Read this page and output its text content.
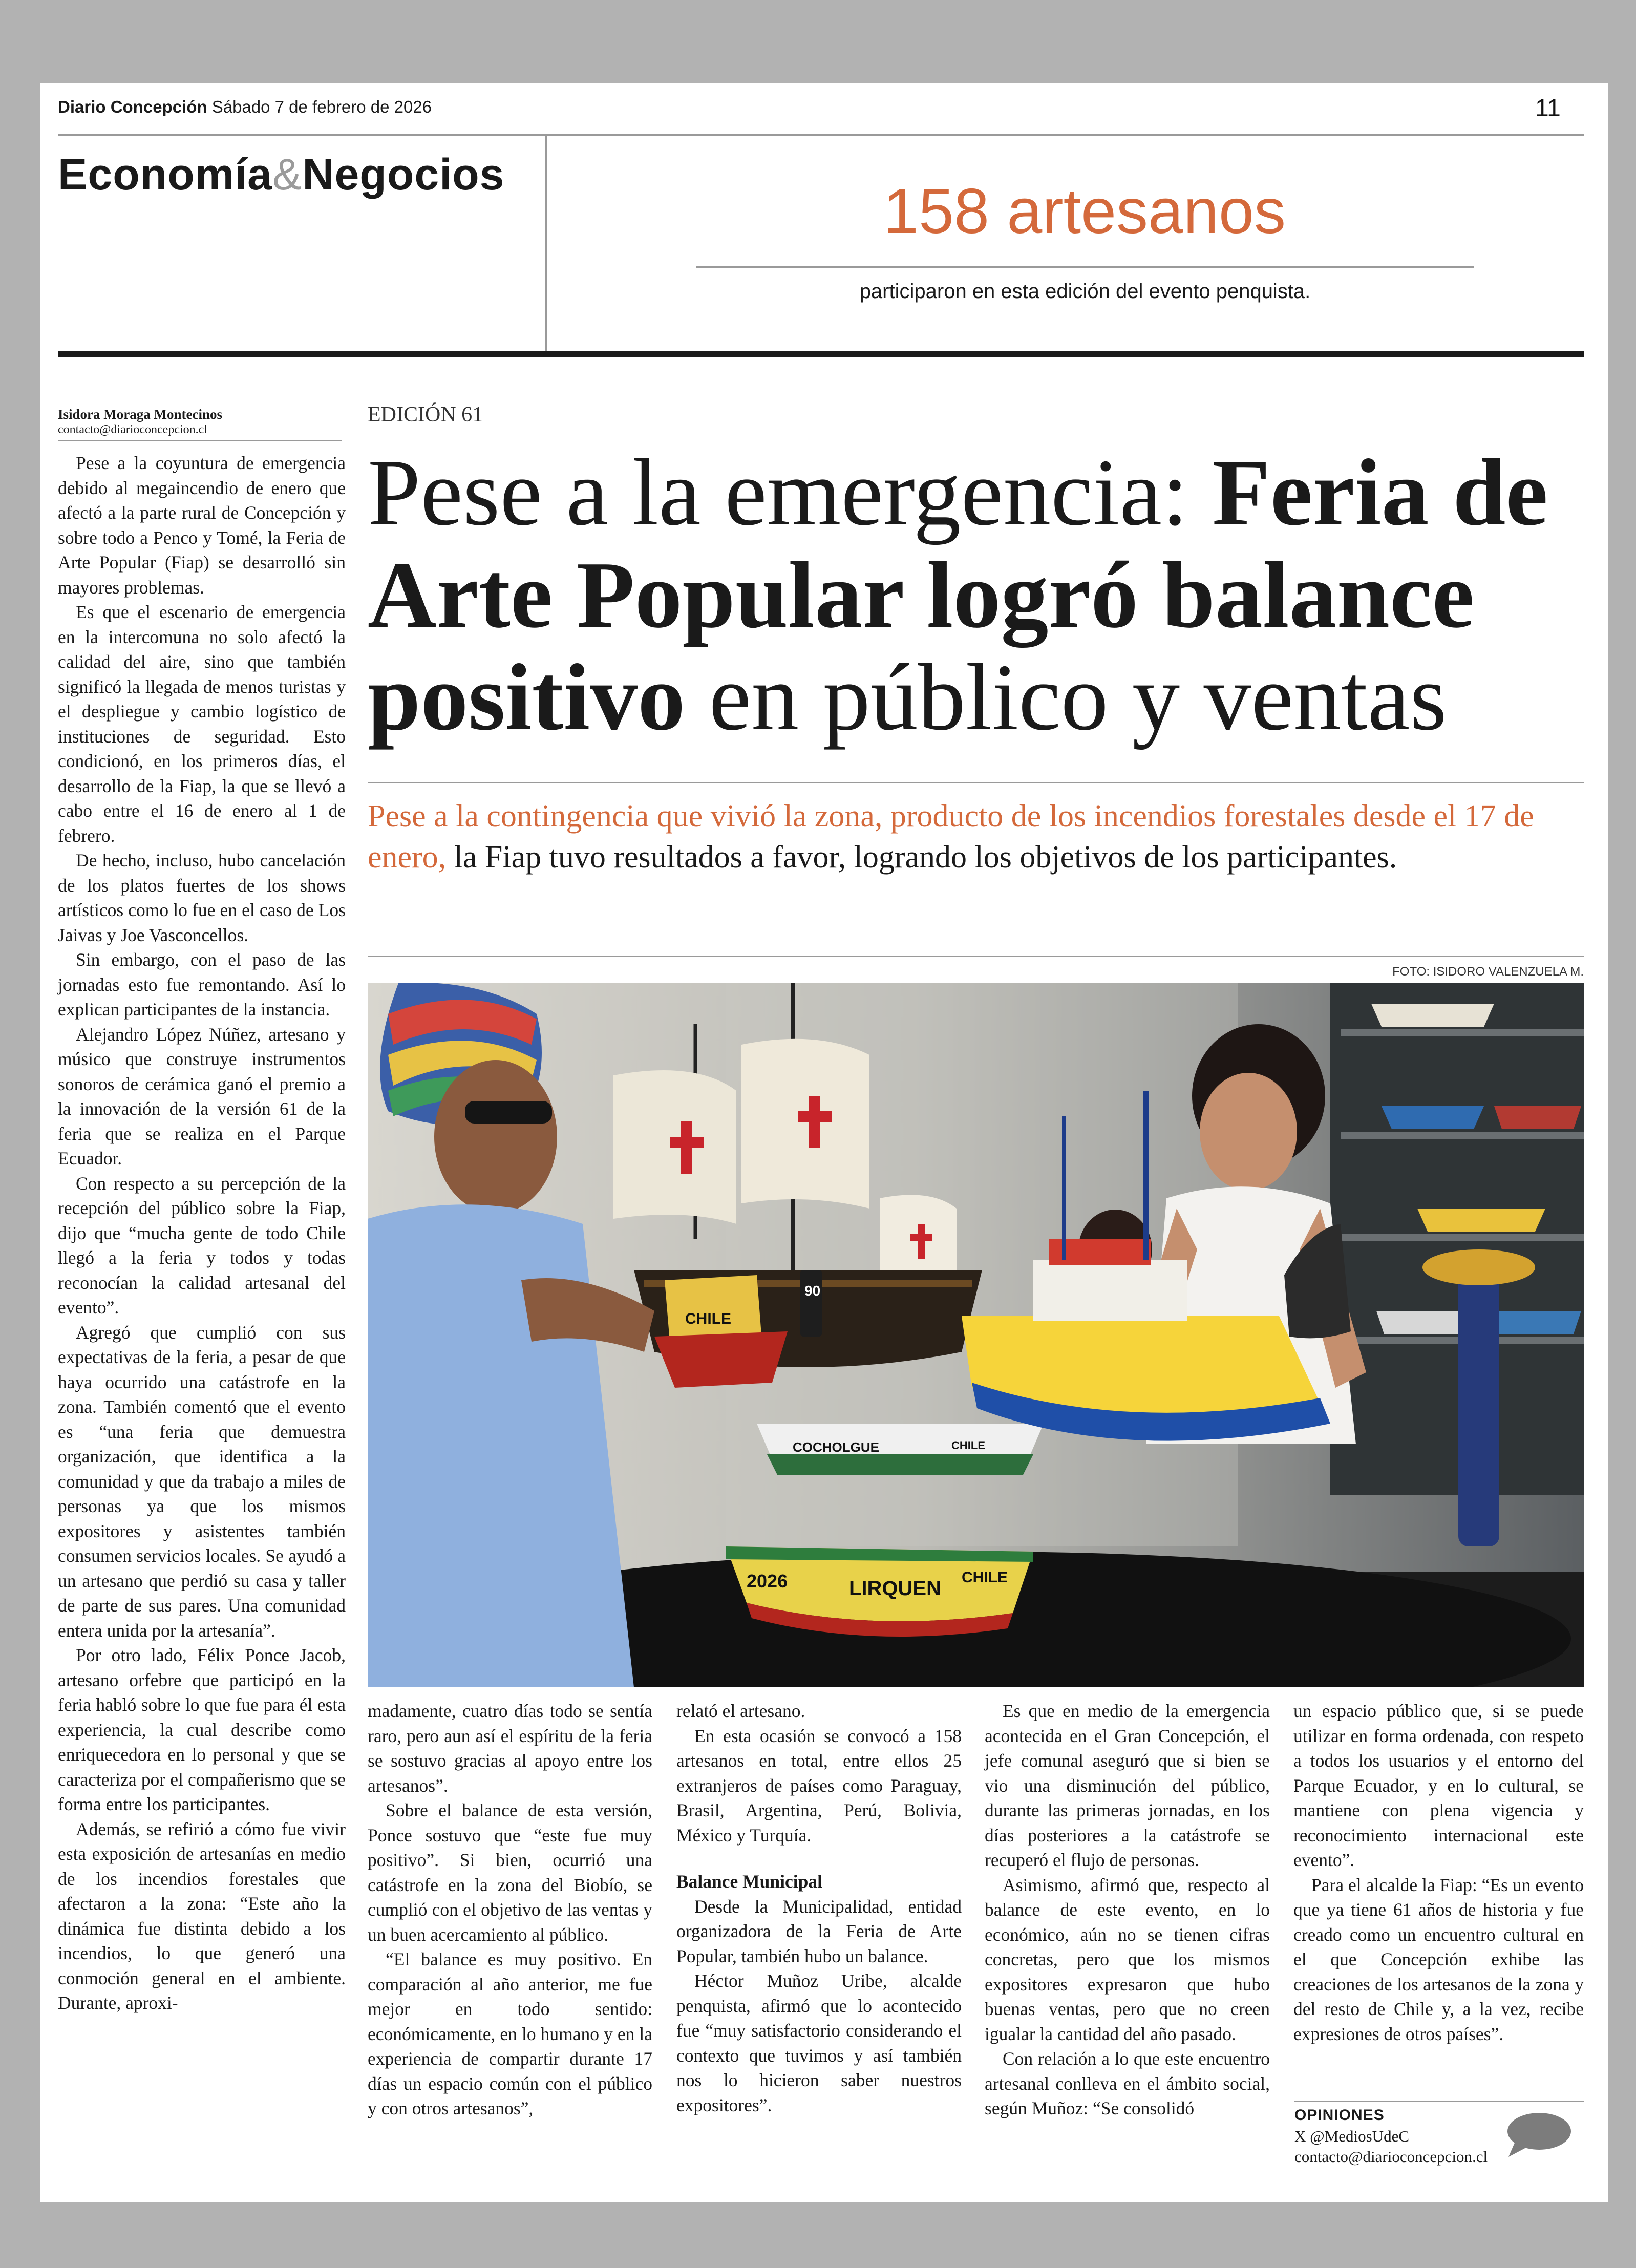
Diario Concepción Sábado 7 de febrero de 2026	11
Economía&Negocios
158 artesanos
participaron en esta edición del evento penquista.
Isidora Moraga Montecinos
contacto@diarioconcepcion.cl
EDICIÓN 61
Pese a la emergencia: Feria de Arte Popular logró balance positivo en público y ventas
Pese a la contingencia que vivió la zona, producto de los incendios forestales desde el 17 de enero, la Fiap tuvo resultados a favor, logrando los objetivos de los participantes.
FOTO: ISIDORO VALENZUELA M.
CHILE
COCHOLGUE	CHILE
2026	LIRQUEN CHILE
90

Pese a la coyuntura de emergencia debido al megaincendio de enero que afectó a la parte rural de Concepción y sobre todo a Penco y Tomé, la Feria de Arte Popular (Fiap) se desarrolló sin mayores problemas.

Es que el escenario de emergencia en la intercomuna no solo afectó la calidad del aire, sino que también significó la llegada de menos turistas y el despliegue y cambio logístico de instituciones de seguridad. Esto condicionó, en los primeros días, el desarrollo de la Fiap, la que se llevó a cabo entre el 16 de enero al 1 de febrero.

De hecho, incluso, hubo cancelación de los platos fuertes de los shows artísticos como lo fue en el caso de Los Jaivas y Joe Vasconcellos.

Sin embargo, con el paso de las jornadas esto fue remontando. Así lo explican participantes de la instancia.

Alejandro López Núñez, artesano y músico que construye instrumentos sonoros de cerámica ganó el premio a la innovación de la versión 61 de la feria que se realiza en el Parque Ecuador.

Con respecto a su percepción de la recepción del público sobre la Fiap, dijo que “mucha gente de todo Chile llegó a la feria y todos y todas reconocían la calidad artesanal del evento”.

Agregó que cumplió con sus expectativas de la feria, a pesar de que haya ocurrido una catástrofe en la zona. También comentó que el evento es “una feria que demuestra organización, que identifica a la comunidad y que da trabajo a miles de personas ya que los mismos expositores y asistentes también consumen servicios locales. Se ayudó a un artesano que perdió su casa y taller de parte de sus pares. Una comunidad entera unida por la artesanía”.

Por otro lado, Félix Ponce Jacob, artesano orfebre que participó en la feria habló sobre lo que fue para él esta experiencia, la cual describe como enriquecedora en lo personal y que se caracteriza por el compañerismo que se forma entre los participantes.

Además, se refirió a cómo fue vivir esta exposición de artesanías en medio de los incendios forestales que afectaron a la zona: “Este año la dinámica fue distinta debido a los incendios, lo que generó una conmoción general en el ambiente. Durante, aproxi-

madamente, cuatro días todo se sentía raro, pero aun así el espíritu de la feria se sostuvo gracias al apoyo entre los artesanos”.

Sobre el balance de esta versión, Ponce sostuvo que “este fue muy positivo”. Si bien, ocurrió una catástrofe en la zona del Biobío, se cumplió con el objetivo de las ventas y un buen acercamiento al público.

“El balance es muy positivo. En comparación al año anterior, me fue mejor en todo sentido: económicamente, en lo humano y en la experiencia de compartir durante 17 días un espacio común con el público y con otros artesanos”,

relató el artesano.

En esta ocasión se convocó a 158 artesanos en total, entre ellos 25 extranjeros de países como Paraguay, Brasil, Argentina, Perú, Bolivia, México y Turquía.

Balance Municipal

Desde la Municipalidad, entidad organizadora de la Feria de Arte Popular, también hubo un balance.

Héctor Muñoz Uribe, alcalde penquista, afirmó que lo acontecido fue “muy satisfactorio considerando el contexto que tuvimos y así también nos lo hicieron saber nuestros expositores”.

Es que en medio de la emergencia acontecida en el Gran Concepción, el jefe comunal aseguró que si bien se vio una disminución del público, durante las primeras jornadas, en los días posteriores a la catástrofe se recuperó el flujo de personas.

Asimismo, afirmó que, respecto al balance de este evento, en lo económico, aún no se tienen cifras concretas, pero que los mismos expositores expresaron que hubo buenas ventas, pero que no creen igualar la cantidad del año pasado.

Con relación a lo que este encuentro artesanal conlleva en el ámbito social, según Muñoz: “Se consolidó

un espacio público que, si se puede utilizar en forma ordenada, con respeto a todos los usuarios y el entorno del Parque Ecuador, y en lo cultural, se mantiene con plena vigencia y reconocimiento internacional este evento”.

Para el alcalde la Fiap: “Es un evento que ya tiene 61 años de historia y fue creado como un encuentro cultural en el que Concepción exhibe las creaciones de los artesanos de la zona y del resto de Chile y, a la vez, recibe expresiones de otros países”.

OPINIONES
X @MediosUdeC
contacto@diarioconcepcion.cl
